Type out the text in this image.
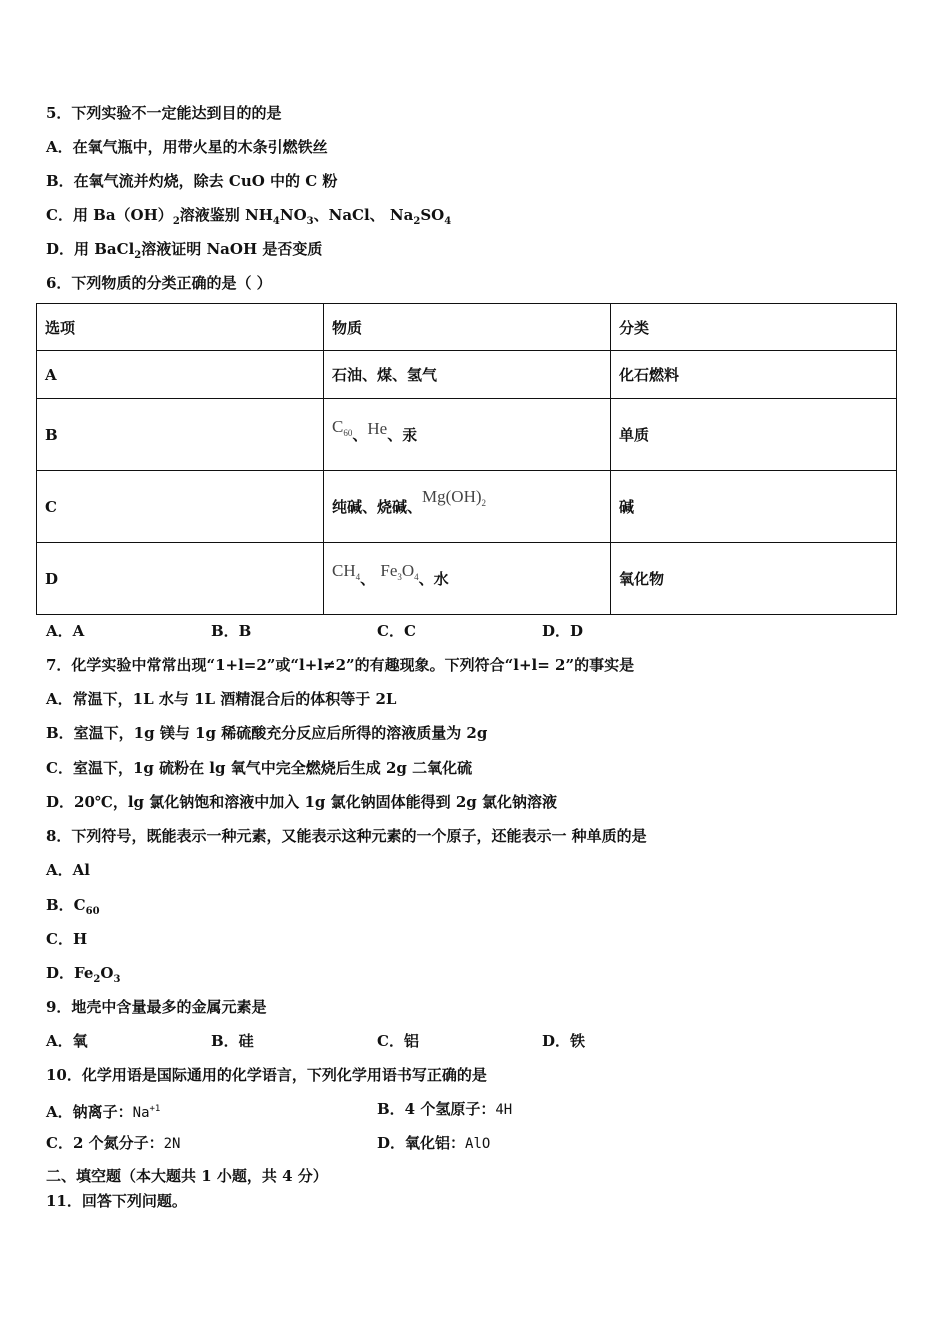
5．下列实验不一定能达到目的的是
A．在氧气瓶中，用带火星的木条引燃铁丝
B．在氧气流并灼烧，除去 CuO 中的 C 粉
C．用 $Ba(OH)_2$溶液鉴别 $NH_4NO_3$、NaCl、 $Na_2SO_4$
D．用 BaCl$_2$溶液证明 NaOH 是否变质
6．下列物质的分类正确的是（ ）
选项	物质	分类
A	石油、煤、氢气	化石燃料
B	$C_{60}$、He、汞	单质
C	纯碱、烧碱、$Mg(OH)_2$	碱
D	$CH_4$、 $Fe_3O_4$、水	氧化物
A．A	B．B	C．C	D．D
7．化学实验中常常出现“1+l=2”或“l+l≠2”的有趣现象。下列符合“l+l= 2”的事实是
A．常温下，1L 水与 1L 酒精混合后的体积等于 2L
B．室温下，1g 镁与 1g 稀硫酸充分反应后所得的溶液质量为 2g
C．室温下，1g 硫粉在 lg 氧气中完全燃烧后生成 2g 二氧化硫
D．20℃，lg 氯化钠饱和溶液中加入 1g 氯化钠固体能得到 2g 氯化钠溶液
8．下列符号，既能表示一种元素，又能表示这种元素的一个原子，还能表示一 种单质的是
A．Al
B．$C_{60}$
C．H
D．$Fe_2O_3$
9．地壳中含量最多的金属元素是
A．氧	B．硅	C．铝	D．铁
10．化学用语是国际通用的化学语言，下列化学用语书写正确的是
A．钠离子：$Na^{+1}$	B．4 个氢原子：4H
C．2 个氮分子：2N	D．氧化铝：AlO
二、填空题（本大题共 1 小题，共 4 分）
11．回答下列问题。
